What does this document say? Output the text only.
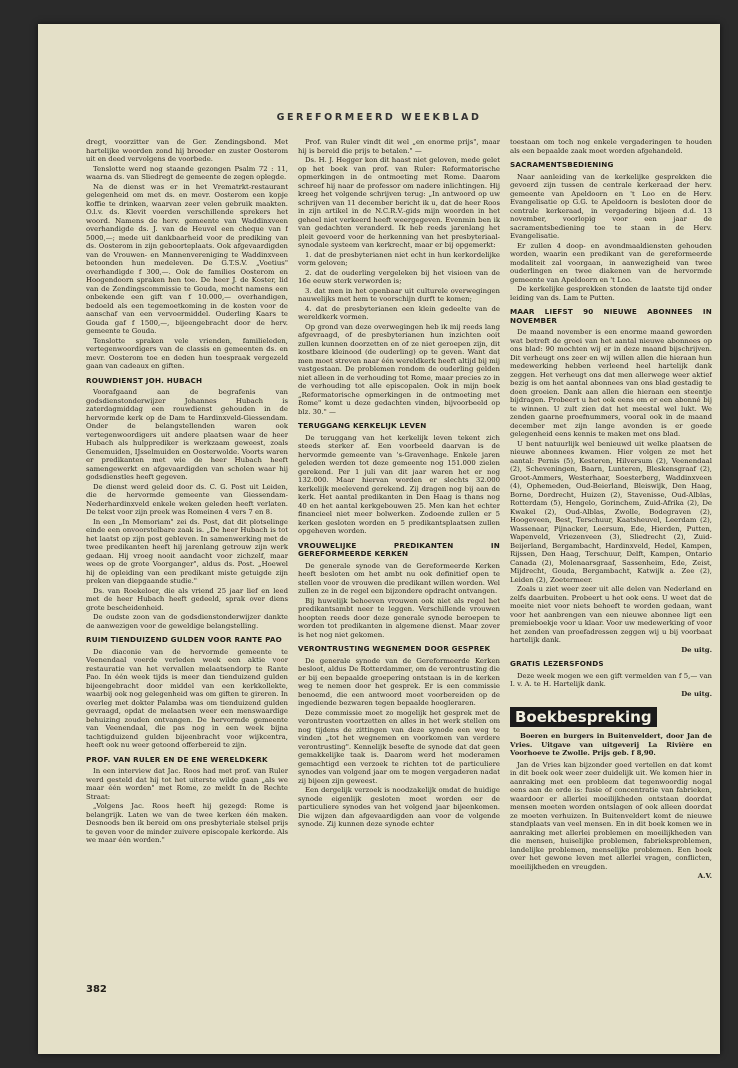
GEREFORMEERD WEEKBLAD

dregt, voorzitter van de Ger. Zendingsbond. Met hartelijke woorden zond hij broeder en zuster Oosterom uit en deed vervolgens de voorbede.

Tenslotte werd nog staande gezongen Psalm 72 : 11, waarna ds. van Sliedregt de gemeente de zegen oplegde.

Na de dienst was er in het Vrematrkt-restaurant gelegenheid om met ds. en mevr. Oosterom een kopje koffie te drinken, waarvan zeer velen gebruik maakten. O.l.v. ds. Klevit voerden verschillende sprekers het woord. Namens de herv. gemeente van Waddinxveen overhandigde ds. J. van de Heuvel een cheque van f 5000,—; mede uit dankbaarheid voor de prediking van ds. Oosterom in zijn geboorteplaats. Ook afgevaardigden van de Vrouwen- en Mannenvereniging te Waddinxveen betoonden hun medeleven. De G.T.S.V. „Voetius" overhandigde f 300,—. Ook de families Oosterom en Hoogendoorn spraken hen toe. De heer J. de Koster, lid van de Zendingscommissie te Gouda, mocht namens een onbekende een gift van f 10.000,— overhandigen, bedoeld als een tegemoetkoming in de kosten voor de aanschaf van een vervoermiddel. Ouderling Kaars te Gouda gaf f 1500,—, bijeengebracht door de herv. gemeente te Gouda.

Tenslotte spraken vele vrienden, familieleden, vertegenwoordigers van de classis en gemeenten ds. en mevr. Oosterom toe en deden hun toespraak vergezeld gaan van cadeaux en giften.

ROUWDIENST JOH. HUBACH

Voorafgaand aan de begrafenis van godsdienstonderwijzer Johannes Hubach is zaterdagmiddag een rouwdienst gehouden in de hervormde kerk op de Dam te Hardinxveld-Giessendam. Onder de belangstellenden waren ook vertegenwoordigers uit andere plaatsen waar de heer Hubach als hulpprediker is werkzaam geweest, zoals Genemuiden, IJsselmuiden en Oosterwolde. Voorts waren er predikanten met wie de heer Hubach heeft samengewerkt en afgevaardigden van scholen waar hij godsdienstles heeft gegeven.

De dienst werd geleid door ds. C. G. Post uit Leiden, die de hervormde gemeente van Giessendam-Nederhardinxveld enkele weken geleden heeft verlaten. De tekst voor zijn preek was Romeinen 4 vers 7 en 8.

In een „In Memoriam" zei ds. Post, dat dit plotselinge einde een onvoorstelbare zaak is. „De heer Hubach is tot het laatst op zijn post gebleven. In samenwerking met de twee predikanten heeft hij jarenlang getrouw zijn werk gedaan. Hij vroeg nooit aandacht voor zichzelf, maar wees op de grote Voorganger", aldus ds. Post. „Hoewel hij de opleiding van een predikant miste getuigde zijn preken van diepgaande studie."

Ds. van Roekeloer, die als vriend 25 jaar lief en leed met de heer Hubach heeft gedeeld, sprak over diens grote bescheidenheid.

De oudste zoon van de godsdienstonderwijzer dankte de aanwezigen voor de geweldige belangstelling.

RUIM TIENDUIZEND GULDEN VOOR RANTE PAO

De diaconie van de hervormde gemeente te Veenendaal voerde verleden week een aktie voor restauratie van het vervallen melaatsendorp te Rante Pao. In één week tijds is meer dan tienduizend gulden bijeengebracht door middel van een kerkkollekte, waarbij ook nog gelegenheid was om giften te gireren. In overleg met dokter Palamba was om tienduizend gulden gevraagd, opdat de melaatsen weer een menswaardige behuizing zouden ontvangen. De hervormde gemeente van Veenendaal, die pas nog in een week bijna tachtigduizend gulden bijeenbracht voor wijkcentra, heeft ook nu weer getoond offerbereid te zijn.

PROF. VAN RULER EN DE ENE WERELDKERK

In een interview dat Jac. Roos had met prof. van Ruler werd gesteld dat hij tot het uiterste wilde gaan „als we maar één worden" met Rome, zo meldt In de Rechte Straat:

„Volgens Jac. Roos heeft hij gezegd: Rome is belangrijk. Laten we van de twee kerken één maken. Desnoods ben ik bereid om ons presbyteriale stelsel prijs te geven voor de minder zuivere episcopale kerkorde. Als we maar één worden."

Prof. van Ruler vindt dit wel „en enorme prijs", maar hij is bereid die prijs te betalen." —

Ds. H. J. Hegger kon dit haast niet geloven, mede gelet op het boek van prof. van Ruler: Reformatorische opmerkingen in de ontmoeting met Rome. Daarom schreef hij naar de professor om nadere inlichtingen. Hij kreeg het volgende schrijven terug: „In antwoord op uw schrijven van 11 december bericht ik u, dat de heer Roos in zijn artikel in de N.C.R.V.-gids mijn woorden in het geheel niet verkeerd heeft weergegeven. Evenmin ben ik van gedachten veranderd. Ik heb reeds jarenlang het pleit gevoerd voor de herkenning van het presbyteriaal-synodale systeem van kerkrecht, maar er bij opgemerkt:

1. dat de presbyterianen niet echt in hun kerkordelijke vorm geloven;

2. dat de ouderling vergeleken bij het visioen van de 16e eeuw sterk verworden is;

3. dat men in het openbaar uit culturele overwegingen nauwelijks met hem te voorschijn durft te komen;

4. dat de presbyterianen een klein gedeelte van de wereldkerk vormen.

Op grond van deze overwegingen heb ik mij reeds lang afgevraagd, of de presbyterianen hun inzichten ooit zullen kunnen doorzetten en of ze niet geroepen zijn, dit kostbare kleinood (de ouderling) op te geven. Want dat men moet streven naar één wereldkerk heeft altijd bij mij vastgestaan. De problemen rondom de ouderling gelden niet alleen in de verhouding tot Rome, maar precies zo in de verhouding tot alle episcopalen. Ook in mijn boek „Reformatorische opmerkingen in de ontmoeting met Rome" komt u deze gedachten vinden, bijvoorbeeld op blz. 30." —

TERUGGANG KERKELIJK LEVEN

De teruggang van het kerkelijk leven tekent zich steeds sterker af. Een voorbeeld daarvan is de hervormde gemeente van 's-Gravenhage. Enkele jaren geleden werden tot deze gemeente nog 151.000 zielen gerekend. Per 1 juli van dit jaar waren het er nog 132.000. Maar hiervan worden er slechts 32.000 kerkelijk meelevend gerekend. Zij dragen nog bij aan de kerk. Het aantal predikanten in Den Haag is thans nog 40 en het aantal kerkgebouwen 25. Men kan het echter financieel niet meer bolwerken. Zodoende zullen er 5 kerken gesloten worden en 5 predikantsplaatsen zullen opgeheven worden.

VROUWELIJKE PREDIKANTEN IN GEREFORMEERDE KERKEN

De generale synode van de Gereformeerde Kerken heeft besloten om het ambt nu ook definitief open te stellen voor de vrouwen die predikant willen worden. Wel zullen ze in de regel een bijzondere opdracht ontvangen.

Bij huwelijk behoeven vrouwen ook niet als regel het predikantsambt neer te leggen. Verschillende vrouwen hoopten reeds door deze generale synode beroepen te worden tot predikanten in algemene dienst. Maar zover is het nog niet gekomen.

VERONTRUSTING WEGNEMEN DOOR GESPREK

De generale synode van de Gereformeerde Kerken besloot, aldus De Rotterdammer, om de verontrusting die er bij een bepaalde groepering ontstaan is in de kerken weg te nemen door het gesprek. Er is een commissie benoemd, die een antwoord moet voorbereiden op de ingediende bezwaren tegen bepaalde hoogleraren.

Deze commissie moet zo mogelijk het gesprek met de verontrusten voortzetten en alles in het werk stellen om nog tijdens de zittingen van deze synode een weg te vinden „tot het wegnemen en voorkomen van verdere verontrusting". Kennelijk besefte de synode dat dat geen gemakkelijke taak is. Daarom werd het moderamen gemachtigd een verzoek te richten tot de particuliere synodes van volgend jaar om te mogen vergaderen nadat zij bijeen zijn geweest.

Een dergelijk verzoek is noodzakelijk omdat de huidige synode eigenlijk gesloten moet worden eer de particuliere synodes van het volgend jaar bijeenkomen. Die wijzen dan afgevaardigden aan voor de volgende synode. Zij kunnen deze synode echter

toestaan om toch nog enkele vergaderingen te houden als een bepaalde zaak moet worden afgehandeld.

SACRAMENTSBEDIENING

Naar aanleiding van de kerkelijke gesprekken die gevoerd zijn tussen de centrale kerkeraad der herv. gemeente van Apeldoorn en 't Loo en de Herv. Evangelisatie op G.G. te Apeldoorn is besloten door de centrale kerkeraad, in vergadering bijeen d.d. 13 november, voorlopig voor een jaar de sacramentsbediening toe te staan in de Herv. Evangelisatie.

Er zullen 4 doop- en avondmaaldiensten gehouden worden, waarin een predikant van de gereformeerde modaliteit zal voorgaan, in aanwezigheid van twee ouderlingen en twee diakenen van de hervormde gemeente van Apeldoorn en 't Loo.

De kerkelijke gesprekken stonden de laatste tijd onder leiding van ds. Lam te Putten.

MAAR LIEFST 90 NIEUWE ABONNEES IN NOVEMBER

De maand november is een enorme maand geworden wat betreft de groei van het aantal nieuwe abonnees op ons blad: 90 mochten wij er in deze maand bijschrijven. Dit verheugt ons zeer en wij willen allen die hieraan hun medewerking hebben verleend heel hartelijk dank zeggen. Het verheugt ons dat men allerwege weer aktief bezig is om het aantal abonnees van ons blad gestadig te doen groeien. Dank aan allen die hieraan een steentje bijdragen. Probeert u het ook eens om er een abonné bij te winnen. U zult zien dat het meestal wel lukt. We zenden gaarne proefnummers, vooral ook in de maand december met zijn lange avonden is er goede gelegenheid eens kennis te maken met ons blad.

U bent natuurlijk wel benieuwd uit welke plaatsen de nieuwe abonnees kwamen. Hier volgen ze met het aantal: Pernis (5), Kesteren, Hilversum (2), Veenendaal (2), Scheveningen, Baarn, Lunteren, Bleskensgraaf (2), Groot-Ammers, Westerhaar, Soesterberg, Waddinxveen (4), Ophemeden, Oud-Beierland, Bleiswijk, Den Haag, Borne, Dordrecht, Huizen (2), Stavenisse, Oud-Alblas, Rotterdam (5), Hengelo, Gorinchem, Zuid-Afrika (2), De Kwakel (2), Oud-Alblas, Zwolle, Bodegraven (2), Hoogeveen, Best, Terschuur, Kaatsheuvel, Leerdam (2), Wassenaar, Pijnacker, Leersum, Ede, Hierden, Putten, Wapenveld, Vriezenveen (3), Sliedrecht (2), Zuid-Beijerland, Bergambacht, Hardinxveld, Hedel, Kampen, Rijssen, Den Haag, Terschuur, Delft, Kampen, Ontario Canada (2), Molenaarsgraaf, Sassenheim, Ede, Zeist, Mijdrecht, Gouda, Bergambacht, Katwijk a. Zee (2), Leiden (2), Zoetermeer.

Zoals u ziet weer zeer uit alle delen van Nederland en zelfs daarbuiten. Probeert u het ook eens. U weet dat de moeite niet voor niets behoeft te worden gedaan, want voor het aanbrengen van een nieuwe abonnee ligt een premieboekje voor u klaar. Voor uw medewerking of voor het zenden van proefadressen zeggen wij u bij voorbaat hartelijk dank.

De uitg.

GRATIS LEZERSFONDS

Deze week mogen we een gift vermelden van f 5,— van I. v. A. te H. Hartelijk dank.

De uitg.

Boekbespreking

Boeren en burgers in Buitenveldert, door Jan de Vries. Uitgave van uitgeverij La Rivière en Voorhoeve te Zwolle. Prijs geb. f 8,90.

Jan de Vries kan bijzonder goed vertellen en dat komt in dit boek ook weer zeer duidelijk uit. We komen hier in aanraking met een probleem dat tegenwoordig nogal eens aan de orde is: fusie of concentratie van fabrieken, waardoor er allerlei moeilijkheden ontstaan doordat mensen moeten worden ontslagen of ook alleen doordat ze moeten verhuizen. In Buitenveldert komt de nieuwe standplaats van veel mensen. En in dit boek komen we in aanraking met allerlei problemen en moeilijkheden van die mensen, huiselijke problemen, fabrieksproblemen, landelijke problemen, menselijke problemen. Een boek over het gewone leven met allerlei vragen, conflicten, moeilijkheden en vreugden.

A.V.

382
